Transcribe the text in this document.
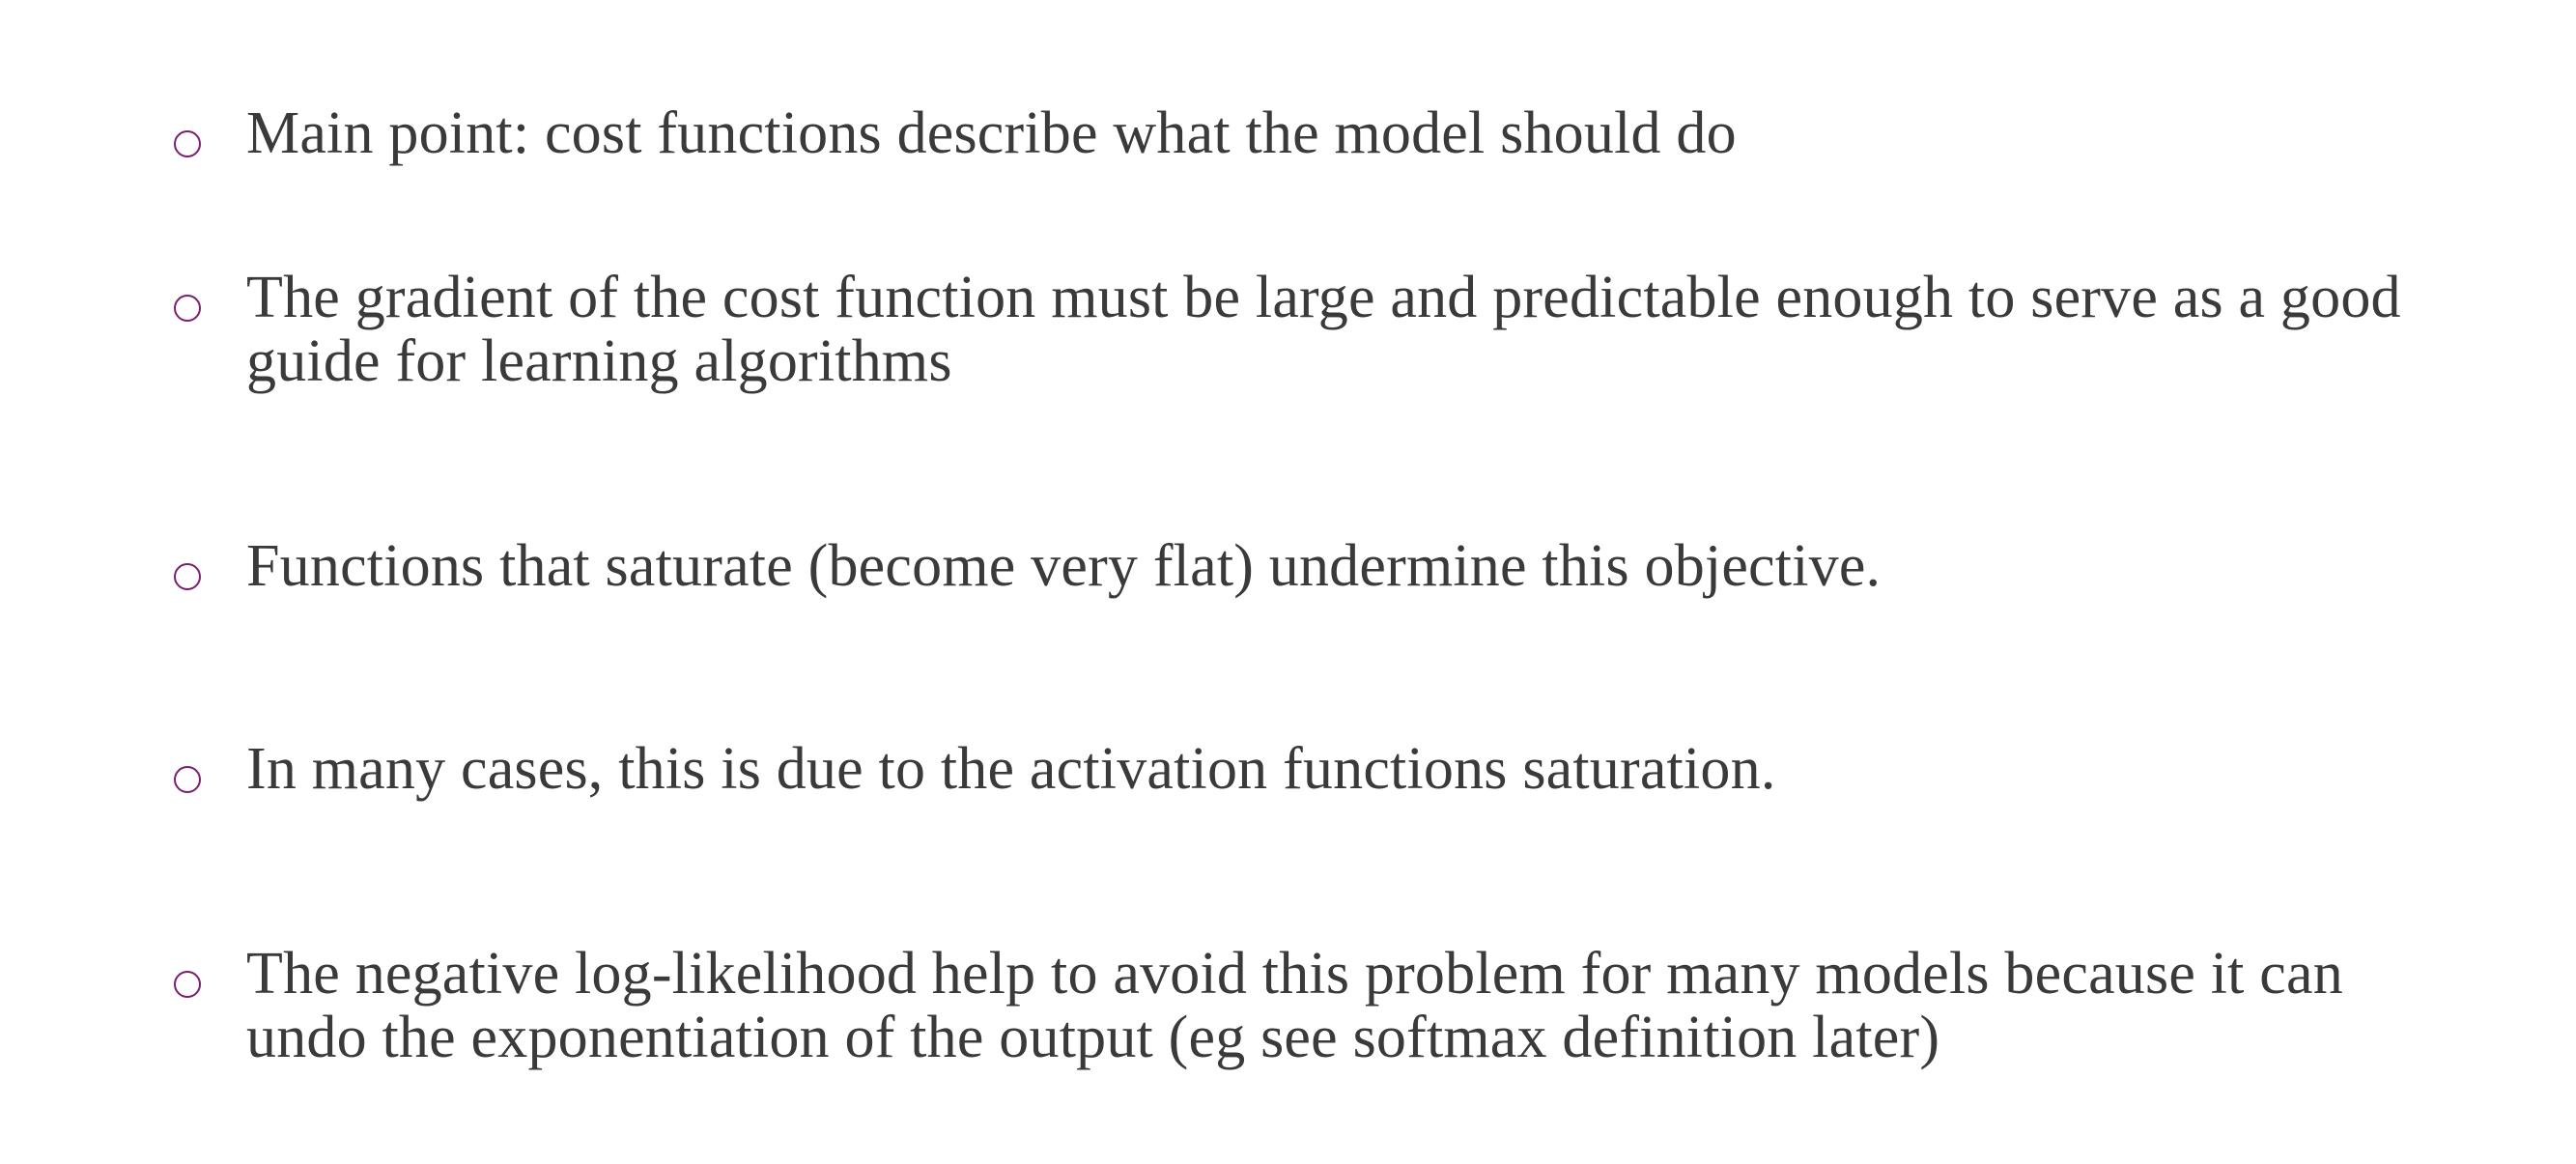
Main point: cost functions describe what the model should do
The gradient of the cost function must be large and predictable enough to serve as a good guide for learning algorithms
Functions that saturate (become very flat) undermine this objective.
In many cases, this is due to the activation functions saturation.
The negative log-likelihood help to avoid this problem for many models because it can undo the exponentiation of the output (eg see softmax definition later)
